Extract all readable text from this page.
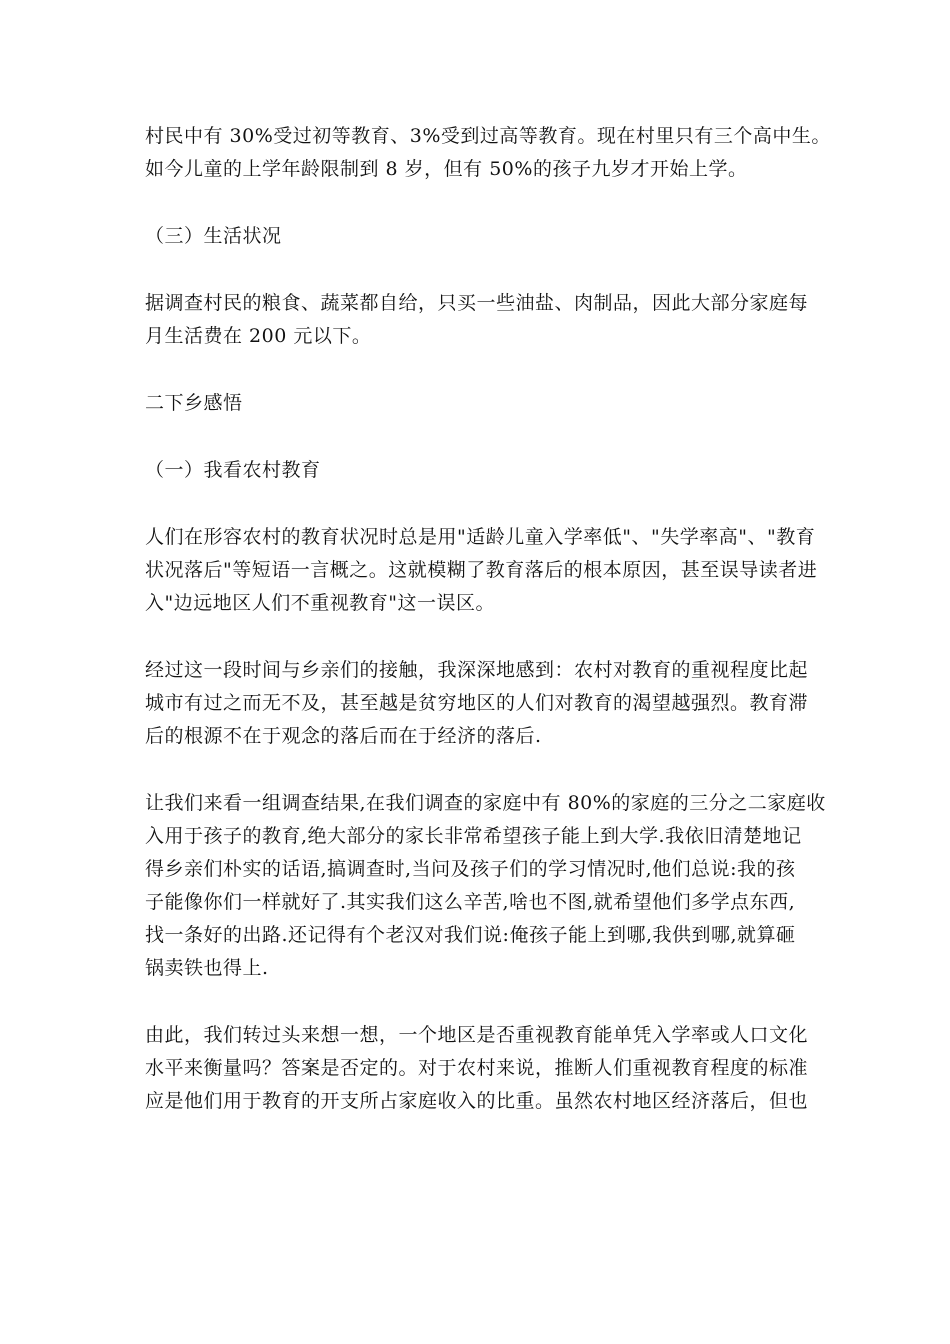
村民中有 30%受过初等教育、3%受到过高等教育。现在村里只有三个高中生。
如今儿童的上学年龄限制到 8 岁，但有 50%的孩子九岁才开始上学。
（三）生活状况
据调查村民的粮食、蔬菜都自给，只买一些油盐、肉制品，因此大部分家庭每
月生活费在 200 元以下。
二下乡感悟
（一）我看农村教育
人们在形容农村的教育状况时总是用"适龄儿童入学率低"、"失学率高"、"教育
状况落后"等短语一言概之。这就模糊了教育落后的根本原因，甚至误导读者进
入"边远地区人们不重视教育"这一误区。
经过这一段时间与乡亲们的接触，我深深地感到：农村对教育的重视程度比起
城市有过之而无不及，甚至越是贫穷地区的人们对教育的渴望越强烈。教育滞
后的根源不在于观念的落后而在于经济的落后.
让我们来看一组调查结果,在我们调查的家庭中有 80%的家庭的三分之二家庭收
入用于孩子的教育,绝大部分的家长非常希望孩子能上到大学.我依旧清楚地记
得乡亲们朴实的话语,搞调查时,当问及孩子们的学习情况时,他们总说:我的孩
子能像你们一样就好了.其实我们这么辛苦,啥也不图,就希望他们多学点东西,
找一条好的出路.还记得有个老汉对我们说:俺孩子能上到哪,我供到哪,就算砸
锅卖铁也得上.
由此，我们转过头来想一想，一个地区是否重视教育能单凭入学率或人口文化
水平来衡量吗？答案是否定的。对于农村来说，推断人们重视教育程度的标准
应是他们用于教育的开支所占家庭收入的比重。虽然农村地区经济落后，但也
